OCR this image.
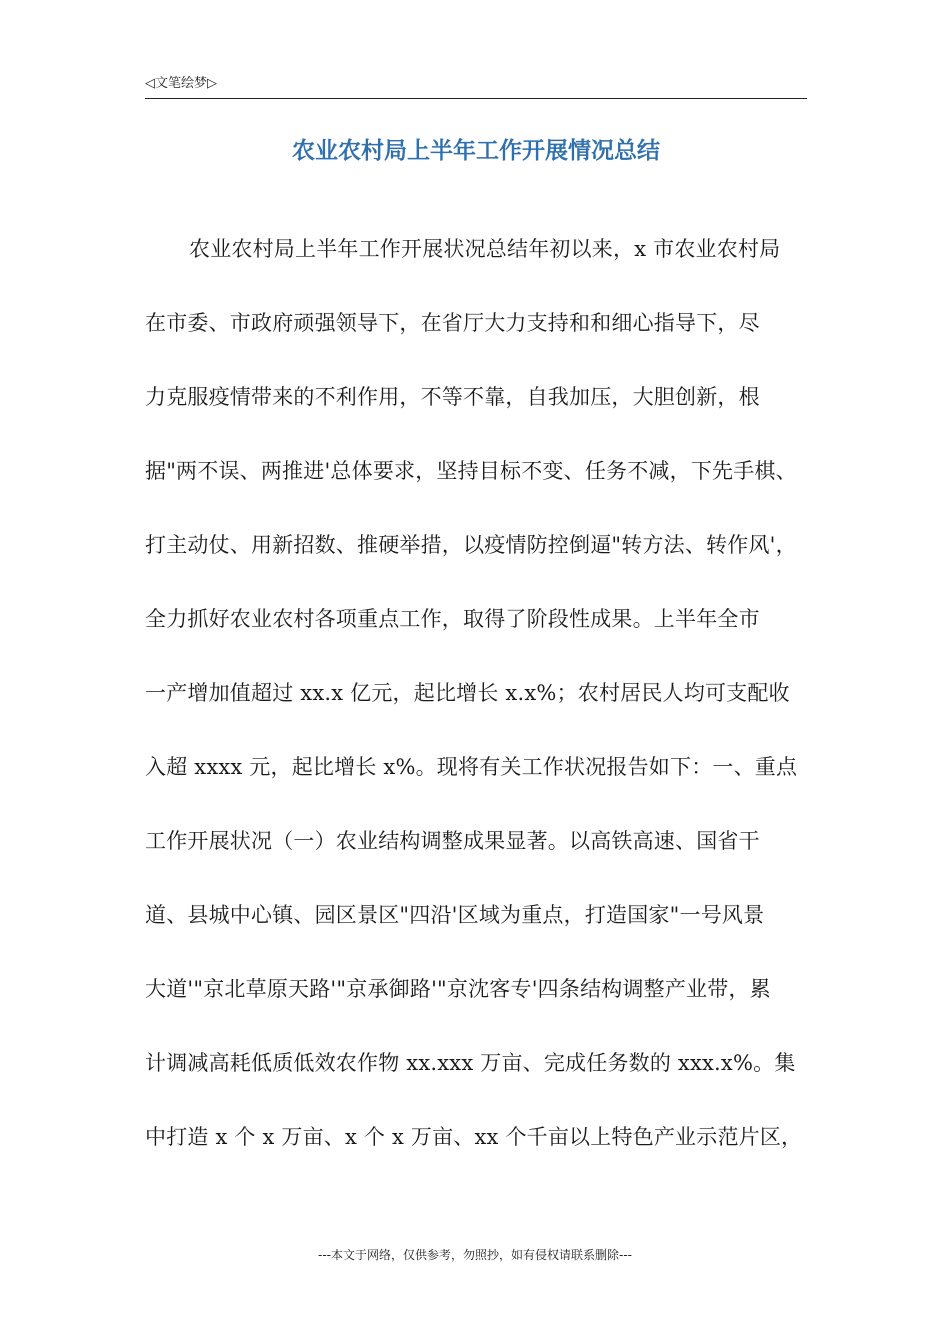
◁文笔绘梦▷
农业农村局上半年工作开展情况总结
农业农村局上半年工作开展状况总结年初以来，x 市农业农村局
在市委、市政府顽强领导下，在省厅大力支持和和细心指导下，尽
力克服疫情带来的不利作用，不等不靠，自我加压，大胆创新，根
据"两不误、两推进'总体要求，坚持目标不变、任务不减，下先手棋、
打主动仗、用新招数、推硬举措，以疫情防控倒逼"转方法、转作风'，
全力抓好农业农村各项重点工作，取得了阶段性成果。上半年全市
一产增加值超过 xx.x 亿元，起比增长 x.x%；农村居民人均可支配收
入超 xxxx 元，起比增长 x%。现将有关工作状况报告如下：一、重点
工作开展状况（一）农业结构调整成果显著。以高铁高速、国省干
道、县城中心镇、园区景区"四沿'区域为重点，打造国家"一号风景
大道'"京北草原天路'"京承御路'"京沈客专'四条结构调整产业带，累
计调减高耗低质低效农作物 xx.xxx 万亩、完成任务数的 xxx.x%。集
中打造 x 个 x 万亩、x 个 x 万亩、xx 个千亩以上特色产业示范片区，
---本文于网络，仅供参考，勿照抄，如有侵权请联系删除---
